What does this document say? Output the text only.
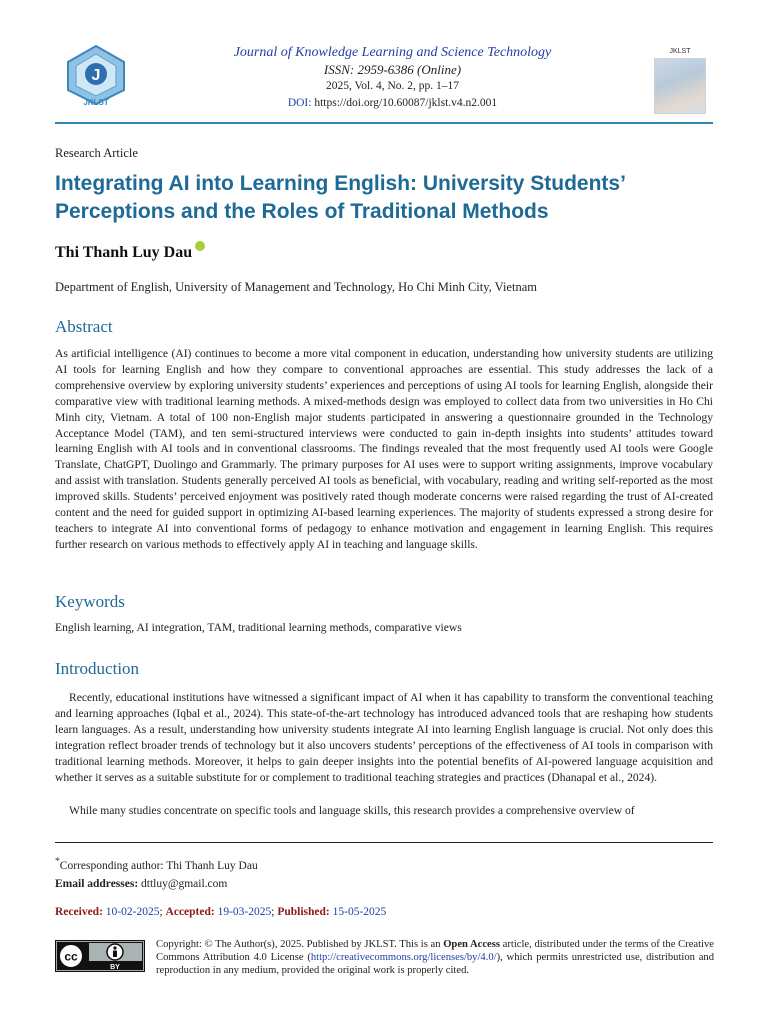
J
JKLST
Journal of Knowledge Learning and Science Technology
ISSN: 2959-6386 (Online)
2025, Vol. 4, No. 2, pp. 1–17
DOI: https://doi.org/10.60087/jklst.v4.n2.001
JKLST
Research Article
Integrating AI into Learning English: University Students’
Perceptions and the Roles of Traditional Methods
Thi Thanh Luy Dau
Department of English, University of Management and Technology, Ho Chi Minh City, Vietnam
Abstract

As artificial intelligence (AI) continues to become a more vital component in education, understanding how university students are utilizing AI tools for learning English and how they compare to conventional approaches are essential. This study addresses the lack of a comprehensive overview by exploring university students’ experiences and perceptions of using AI tools for learning English, alongside their comparative view with traditional learning methods. A mixed-methods design was employed to collect data from two universities in Ho Chi Minh city, Vietnam. A total of 100 non-English major students participated in answering a questionnaire grounded in the Technology Acceptance Model (TAM), and ten semi-structured interviews were conducted to gain in-depth insights into students’ attitudes toward learning English with AI tools and in conventional classrooms. The findings revealed that the most frequently used AI tools were Google Translate, ChatGPT, Duolingo and Grammarly. The primary purposes for AI uses were to support writing assignments, improve vocabulary and assist with translation. Students generally perceived AI tools as beneficial, with vocabulary, reading and writing self-reported as the most improved skills. Students’ perceived enjoyment was positively rated though moderate concerns were raised regarding the trust of AI-created content and the need for guided support in optimizing AI-based learning experiences. The majority of students expressed a strong desire for teachers to integrate AI into conventional forms of pedagogy to enhance motivation and engagement in learning English. This requires further research on various methods to effectively apply AI in teaching and language skills.

Keywords

English learning, AI integration, TAM, traditional learning methods, comparative views

Introduction

Recently, educational institutions have witnessed a significant impact of AI when it has capability to transform the conventional teaching and learning approaches (Iqbal et al., 2024). This state-of-the-art technology has introduced advanced tools that are reshaping how students learn languages. As a result, understanding how university students integrate AI into learning English language is crucial. Not only does this integration reflect broader trends of technology but it also uncovers students’ perceptions of the effectiveness of AI tools in comparison with traditional learning methods. Moreover, it helps to gain deeper insights into the potential benefits of AI-powered language acquisition and whether it serves as a suitable substitute for or complement to traditional teaching strategies and practices (Dhanapal et al., 2024).

While many studies concentrate on specific tools and language skills, this research provides a comprehensive overview of

*Corresponding author: Thi Thanh Luy Dau
Email addresses: dttluy@gmail.com
Received: 10-02-2025; Accepted: 19-03-2025; Published: 15-05-2025
cc
BY

Copyright: © The Author(s), 2025. Published by JKLST. This is an Open Access article, distributed under the terms of the Creative Commons Attribution 4.0 License (http://creativecommons.org/licenses/by/4.0/), which permits unrestricted use, distribution and reproduction in any medium, provided the original work is properly cited.
